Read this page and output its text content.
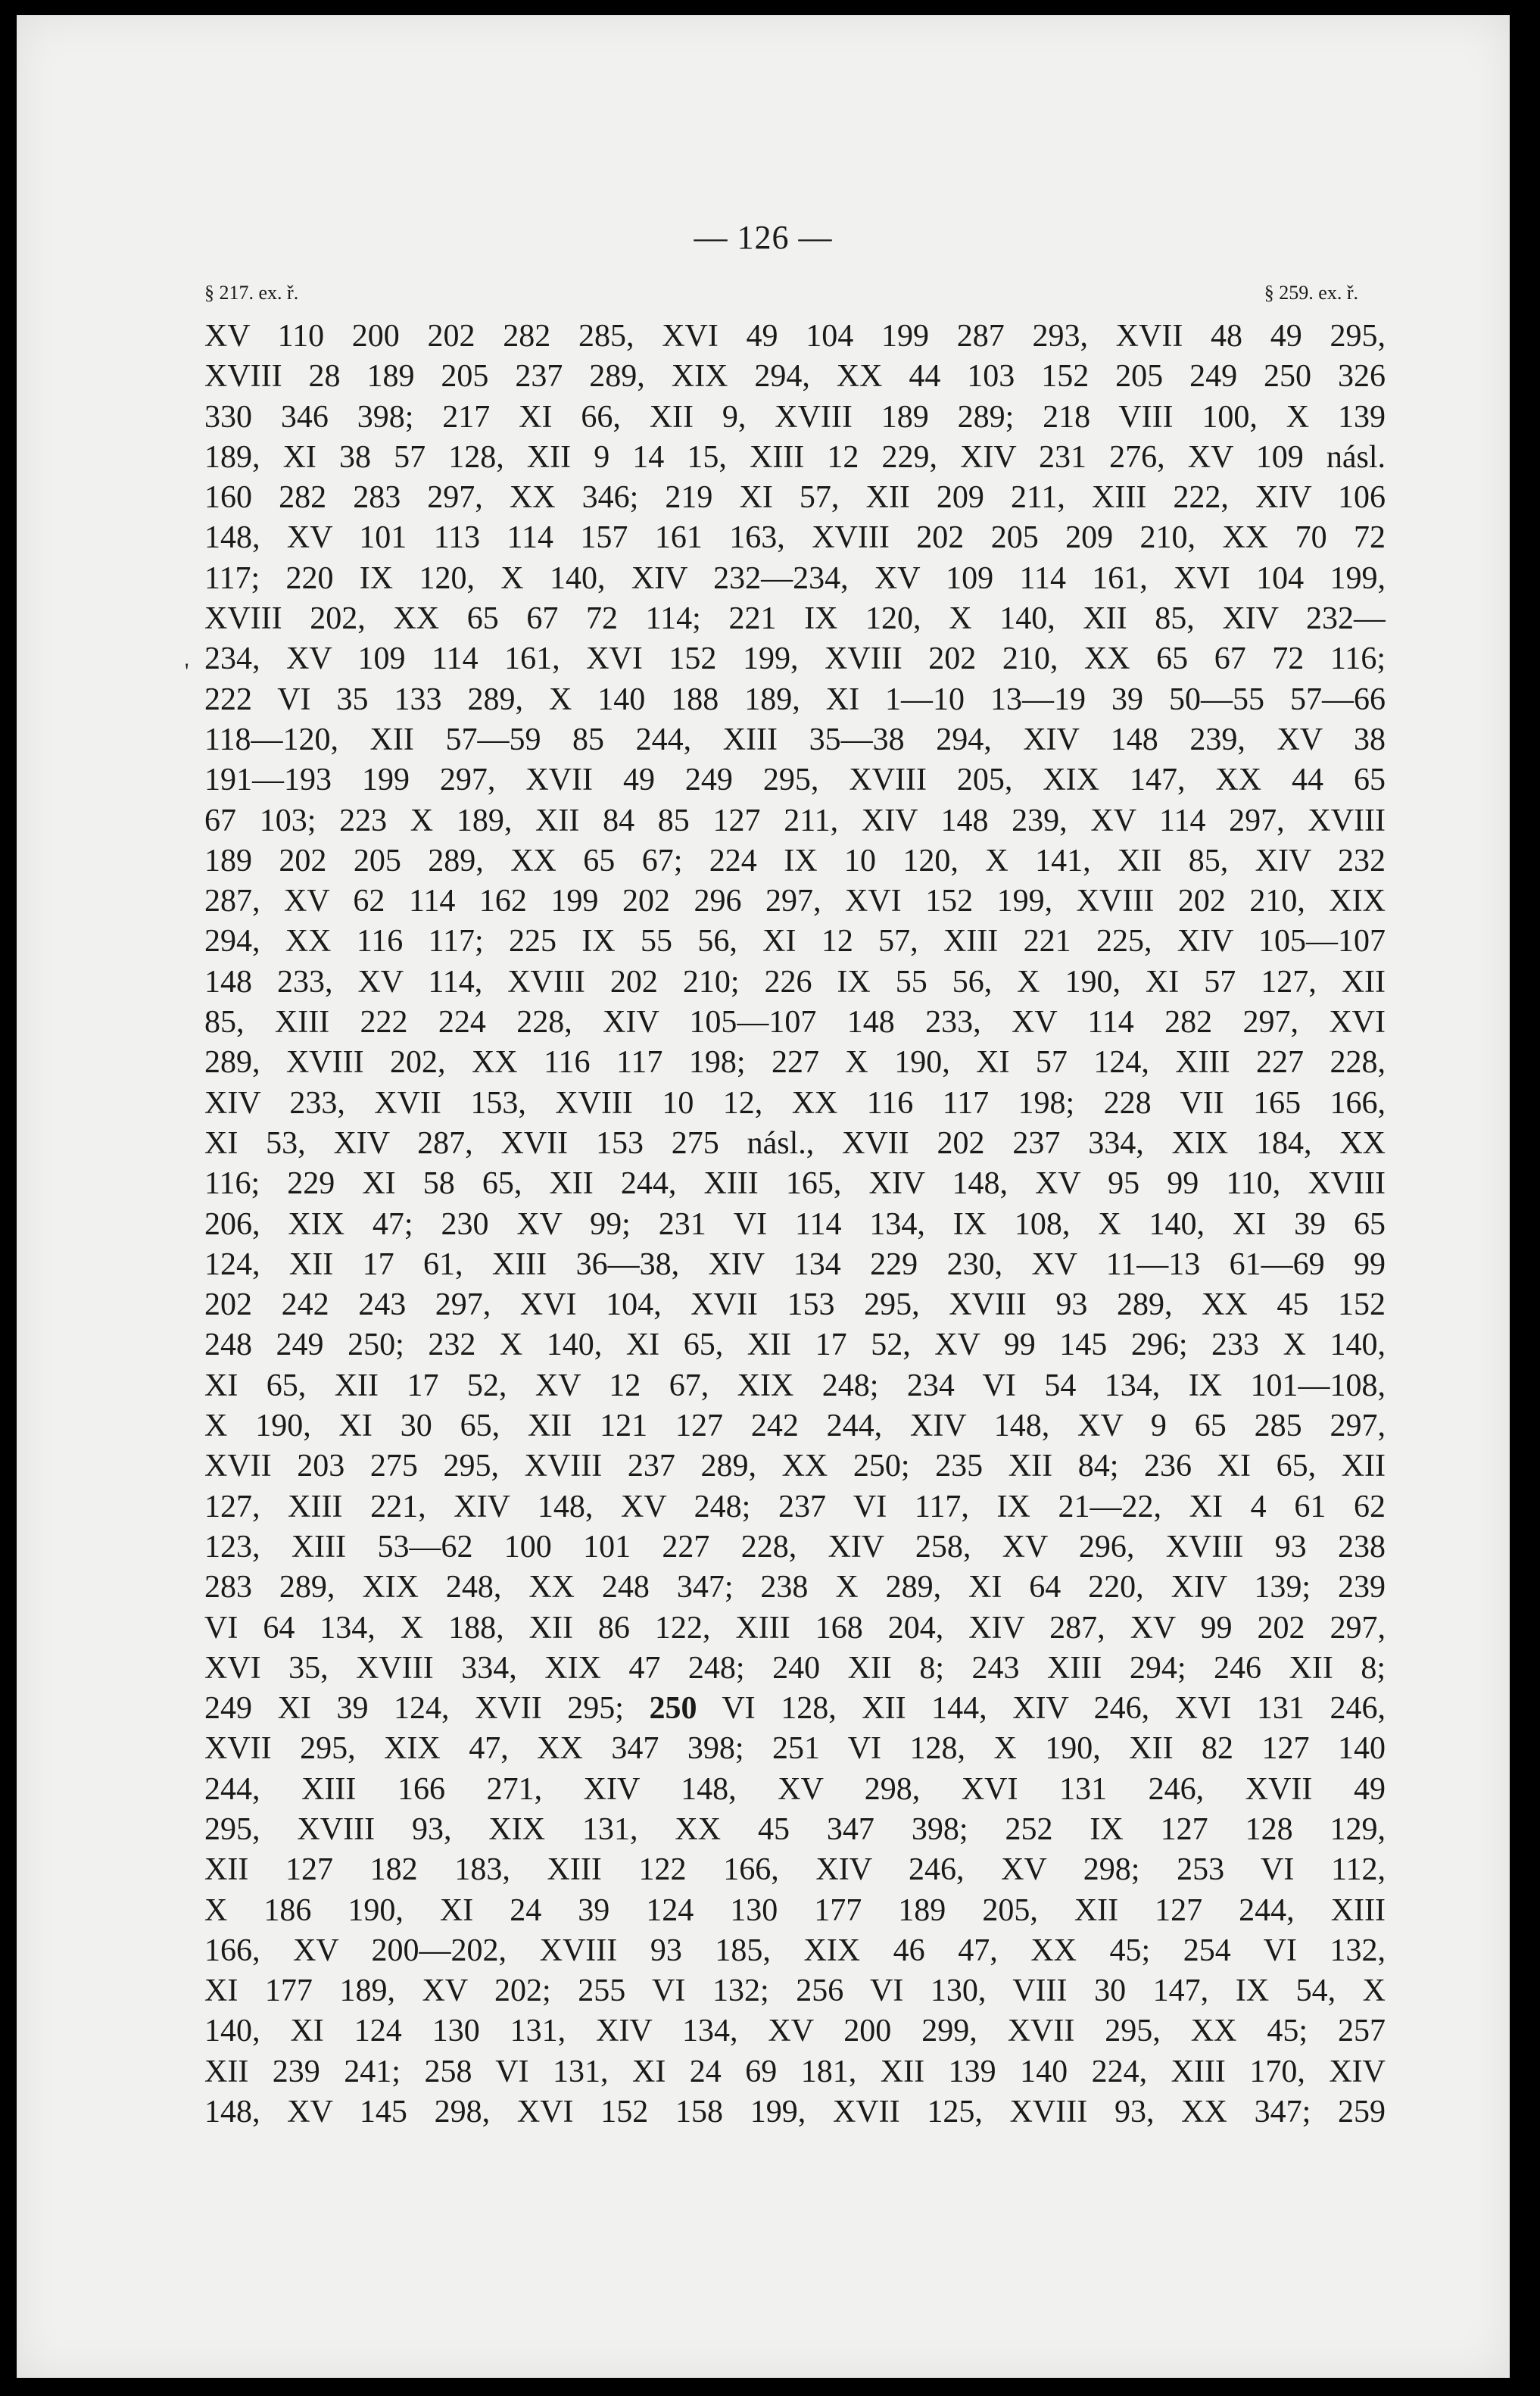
— 126 —
§ 217. ex. ř.	§ 259. ex. ř.
'
XV 110 200 202 282 285, XVI 49 104 199 287 293, XVII 48 49 295,
XVIII 28 189 205 237 289, XIX 294, XX 44 103 152 205 249 250 326
330 346 398; 217 XI 66, XII 9, XVIII 189 289; 218 VIII 100, X 139
189, XI 38 57 128, XII 9 14 15, XIII 12 229, XIV 231 276, XV 109 násl.
160 282 283 297, XX 346; 219 XI 57, XII 209 211, XIII 222, XIV 106
148, XV 101 113 114 157 161 163, XVIII 202 205 209 210, XX 70 72
117; 220 IX 120, X 140, XIV 232—234, XV 109 114 161, XVI 104 199,
XVIII 202, XX 65 67 72 114; 221 IX 120, X 140, XII 85, XIV 232—
234, XV 109 114 161, XVI 152 199, XVIII 202 210, XX 65 67 72 116;
222 VI 35 133 289, X 140 188 189, XI 1—10 13—19 39 50—55 57—66
118—120, XII 57—59 85 244, XIII 35—38 294, XIV 148 239, XV 38
191—193 199 297, XVII 49 249 295, XVIII 205, XIX 147, XX 44 65
67 103; 223 X 189, XII 84 85 127 211, XIV 148 239, XV 114 297, XVIII
189 202 205 289, XX 65 67; 224 IX 10 120, X 141, XII 85, XIV 232
287, XV 62 114 162 199 202 296 297, XVI 152 199, XVIII 202 210, XIX
294, XX 116 117; 225 IX 55 56, XI 12 57, XIII 221 225, XIV 105—107
148 233, XV 114, XVIII 202 210; 226 IX 55 56, X 190, XI 57 127, XII
85, XIII 222 224 228, XIV 105—107 148 233, XV 114 282 297, XVI
289, XVIII 202, XX 116 117 198; 227 X 190, XI 57 124, XIII 227 228,
XIV 233, XVII 153, XVIII 10 12, XX 116 117 198; 228 VII 165 166,
XI 53, XIV 287, XVII 153 275 násl., XVII 202 237 334, XIX 184, XX
116; 229 XI 58 65, XII 244, XIII 165, XIV 148, XV 95 99 110, XVIII
206, XIX 47; 230 XV 99; 231 VI 114 134, IX 108, X 140, XI 39 65
124, XII 17 61, XIII 36—38, XIV 134 229 230, XV 11—13 61—69 99
202 242 243 297, XVI 104, XVII 153 295, XVIII 93 289, XX 45 152
248 249 250; 232 X 140, XI 65, XII 17 52, XV 99 145 296; 233 X 140,
XI 65, XII 17 52, XV 12 67, XIX 248; 234 VI 54 134, IX 101—108,
X 190, XI 30 65, XII 121 127 242 244, XIV 148, XV 9 65 285 297,
XVII 203 275 295, XVIII 237 289, XX 250; 235 XII 84; 236 XI 65, XII
127, XIII 221, XIV 148, XV 248; 237 VI 117, IX 21—22, XI 4 61 62
123, XIII 53—62 100 101 227 228, XIV 258, XV 296, XVIII 93 238
283 289, XIX 248, XX 248 347; 238 X 289, XI 64 220, XIV 139; 239
VI 64 134, X 188, XII 86 122, XIII 168 204, XIV 287, XV 99 202 297,
XVI 35, XVIII 334, XIX 47 248; 240 XII 8; 243 XIII 294; 246 XII 8;
249 XI 39 124, XVII 295; 250 VI 128, XII 144, XIV 246, XVI 131 246,
XVII 295, XIX 47, XX 347 398; 251 VI 128, X 190, XII 82 127 140
244, XIII 166 271, XIV 148, XV 298, XVI 131 246, XVII 49
295, XVIII 93, XIX 131, XX 45 347 398; 252 IX 127 128 129,
XII 127 182 183, XIII 122 166, XIV 246, XV 298; 253 VI 112,
X 186 190, XI 24 39 124 130 177 189 205, XII 127 244, XIII
166, XV 200—202, XVIII 93 185, XIX 46 47, XX 45; 254 VI 132,
XI 177 189, XV 202; 255 VI 132; 256 VI 130, VIII 30 147, IX 54, X
140, XI 124 130 131, XIV 134, XV 200 299, XVII 295, XX 45; 257
XII 239 241; 258 VI 131, XI 24 69 181, XII 139 140 224, XIII 170, XIV
148, XV 145 298, XVI 152 158 199, XVII 125, XVIII 93, XX 347; 259
